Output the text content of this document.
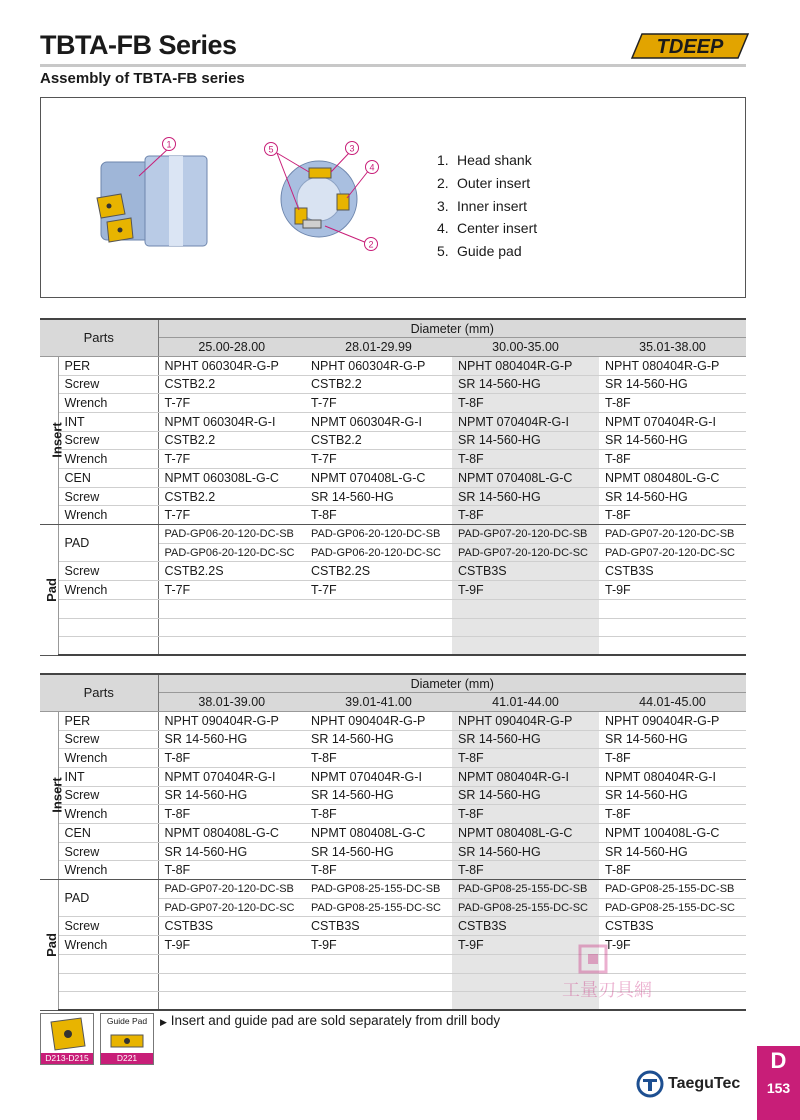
TBTA-FB Series
Assembly of TBTA-FB series
TDEEP
1	5	3
4
2
1. Head shank
2. Outer insert
3. Inner insert
4. Center insert
5. Guide pad
Parts		Diameter (mm)			
		25.00-28.00	28.01-29.99	30.00-35.00	35.01-38.00
Insert	PER	NPHT 060304R-G-P	NPHT 060304R-G-P	NPHT 080404R-G-P	NPHT 080404R-G-P
	Screw	CSTB2.2	CSTB2.2	SR 14-560-HG	SR 14-560-HG
	Wrench	T-7F	T-7F	T-8F	T-8F
	INT	NPMT 060304R-G-I	NPMT 060304R-G-I	NPMT 070404R-G-I	NPMT 070404R-G-I
	Screw	CSTB2.2	CSTB2.2	SR 14-560-HG	SR 14-560-HG
	Wrench	T-7F	T-7F	T-8F	T-8F
	CEN	NPMT 060308L-G-C	NPMT 070408L-G-C	NPMT 070408L-G-C	NPMT 080480L-G-C
	Screw	CSTB2.2	SR 14-560-HG	SR 14-560-HG	SR 14-560-HG
	Wrench	T-7F	T-8F	T-8F	T-8F
Pad	PAD	PAD-GP06-20-120-DC-SB	PAD-GP06-20-120-DC-SB	PAD-GP07-20-120-DC-SB	PAD-GP07-20-120-DC-SB
		PAD-GP06-20-120-DC-SC	PAD-GP06-20-120-DC-SC	PAD-GP07-20-120-DC-SC	PAD-GP07-20-120-DC-SC
	Screw	CSTB2.2S	CSTB2.2S	CSTB3S	CSTB3S
	Wrench	T-7F	T-7F	T-9F	T-9F

Parts		Diameter (mm)			
		38.01-39.00	39.01-41.00	41.01-44.00	44.01-45.00
Insert	PER	NPHT 090404R-G-P	NPHT 090404R-G-P	NPHT 090404R-G-P	NPHT 090404R-G-P
	Screw	SR 14-560-HG	SR 14-560-HG	SR 14-560-HG	SR 14-560-HG
	Wrench	T-8F	T-8F	T-8F	T-8F
	INT	NPMT 070404R-G-I	NPMT 070404R-G-I	NPMT 080404R-G-I	NPMT 080404R-G-I
	Screw	SR 14-560-HG	SR 14-560-HG	SR 14-560-HG	SR 14-560-HG
	Wrench	T-8F	T-8F	T-8F	T-8F
	CEN	NPMT 080408L-G-C	NPMT 080408L-G-C	NPMT 080408L-G-C	NPMT 100408L-G-C
	Screw	SR 14-560-HG	SR 14-560-HG	SR 14-560-HG	SR 14-560-HG
	Wrench	T-8F	T-8F	T-8F	T-8F
Pad	PAD	PAD-GP07-20-120-DC-SB	PAD-GP08-25-155-DC-SB	PAD-GP08-25-155-DC-SB	PAD-GP08-25-155-DC-SB
		PAD-GP07-20-120-DC-SC	PAD-GP08-25-155-DC-SC	PAD-GP08-25-155-DC-SC	PAD-GP08-25-155-DC-SC
	Screw	CSTB3S	CSTB3S	CSTB3S	CSTB3S
	Wrench	T-9F	T-9F	T-9F	T-9F

工量刃具網
D213-D215
Guide Pad
D221
▶ Insert and guide pad are sold separately from drill body
TaeguTec
D
153
